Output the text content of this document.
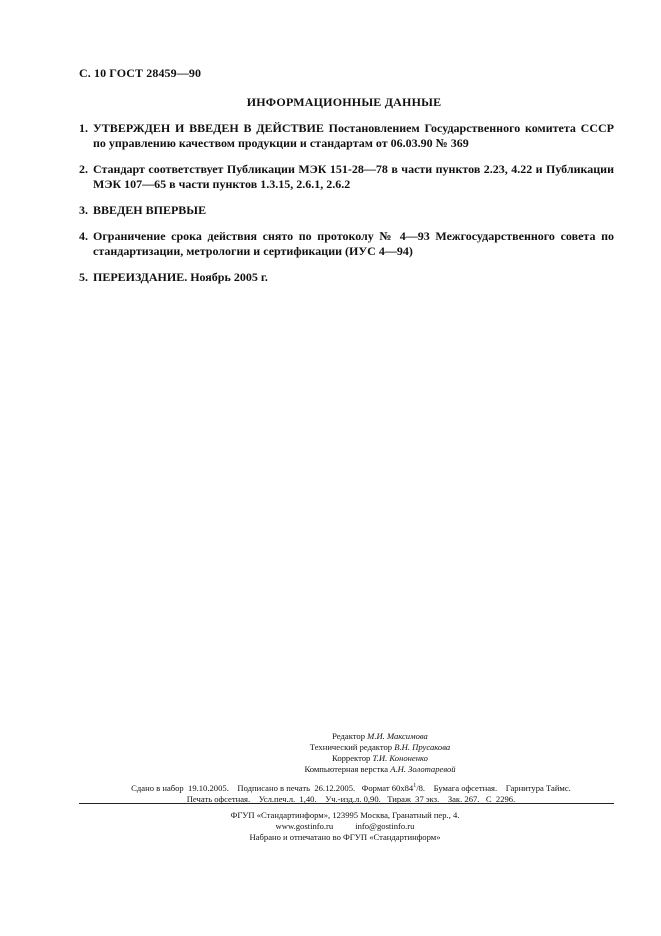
С. 10 ГОСТ 28459—90
ИНФОРМАЦИОННЫЕ ДАННЫЕ
1. УТВЕРЖДЕН И ВВЕДЕН В ДЕЙСТВИЕ Постановлением Государственного комитета СССР по управлению качеством продукции и стандартам от 06.03.90 № 369
2. Стандарт соответствует Публикации МЭК 151-28—78 в части пунктов 2.23, 4.22 и Публикации МЭК 107—65 в части пунктов 1.3.15, 2.6.1, 2.6.2
3. ВВЕДЕН ВПЕРВЫЕ
4. Ограничение срока действия снято по протоколу № 4—93 Межгосударственного совета по стандартизации, метрологии и сертификации (ИУС 4—94)
5. ПЕРЕИЗДАНИЕ. Ноябрь 2005 г.
Редактор М.И. Максимова
Технический редактор В.Н. Прусакова
Корректор Т.И. Кононенко
Компьютерная верстка А.Н. Золотаревой
Сдано в набор  19.10.2005.    Подписано в печать  26.12.2005.   Формат $60х84^1/8$.    Бумага офсетная.    Гарнитура Таймс.
Печать офсетная.    Усл.печ.л.  1,40.    Уч.-изд.л. 0,90.   Тираж  37 экз.    Зак. 267.   С  2296.
ФГУП «Стандартинформ», 123995 Москва, Гранатный пер., 4.
www.gostinfo.ru	info@gostinfo.ru
Набрано и отпечатано во ФГУП «Стандартинформ»
